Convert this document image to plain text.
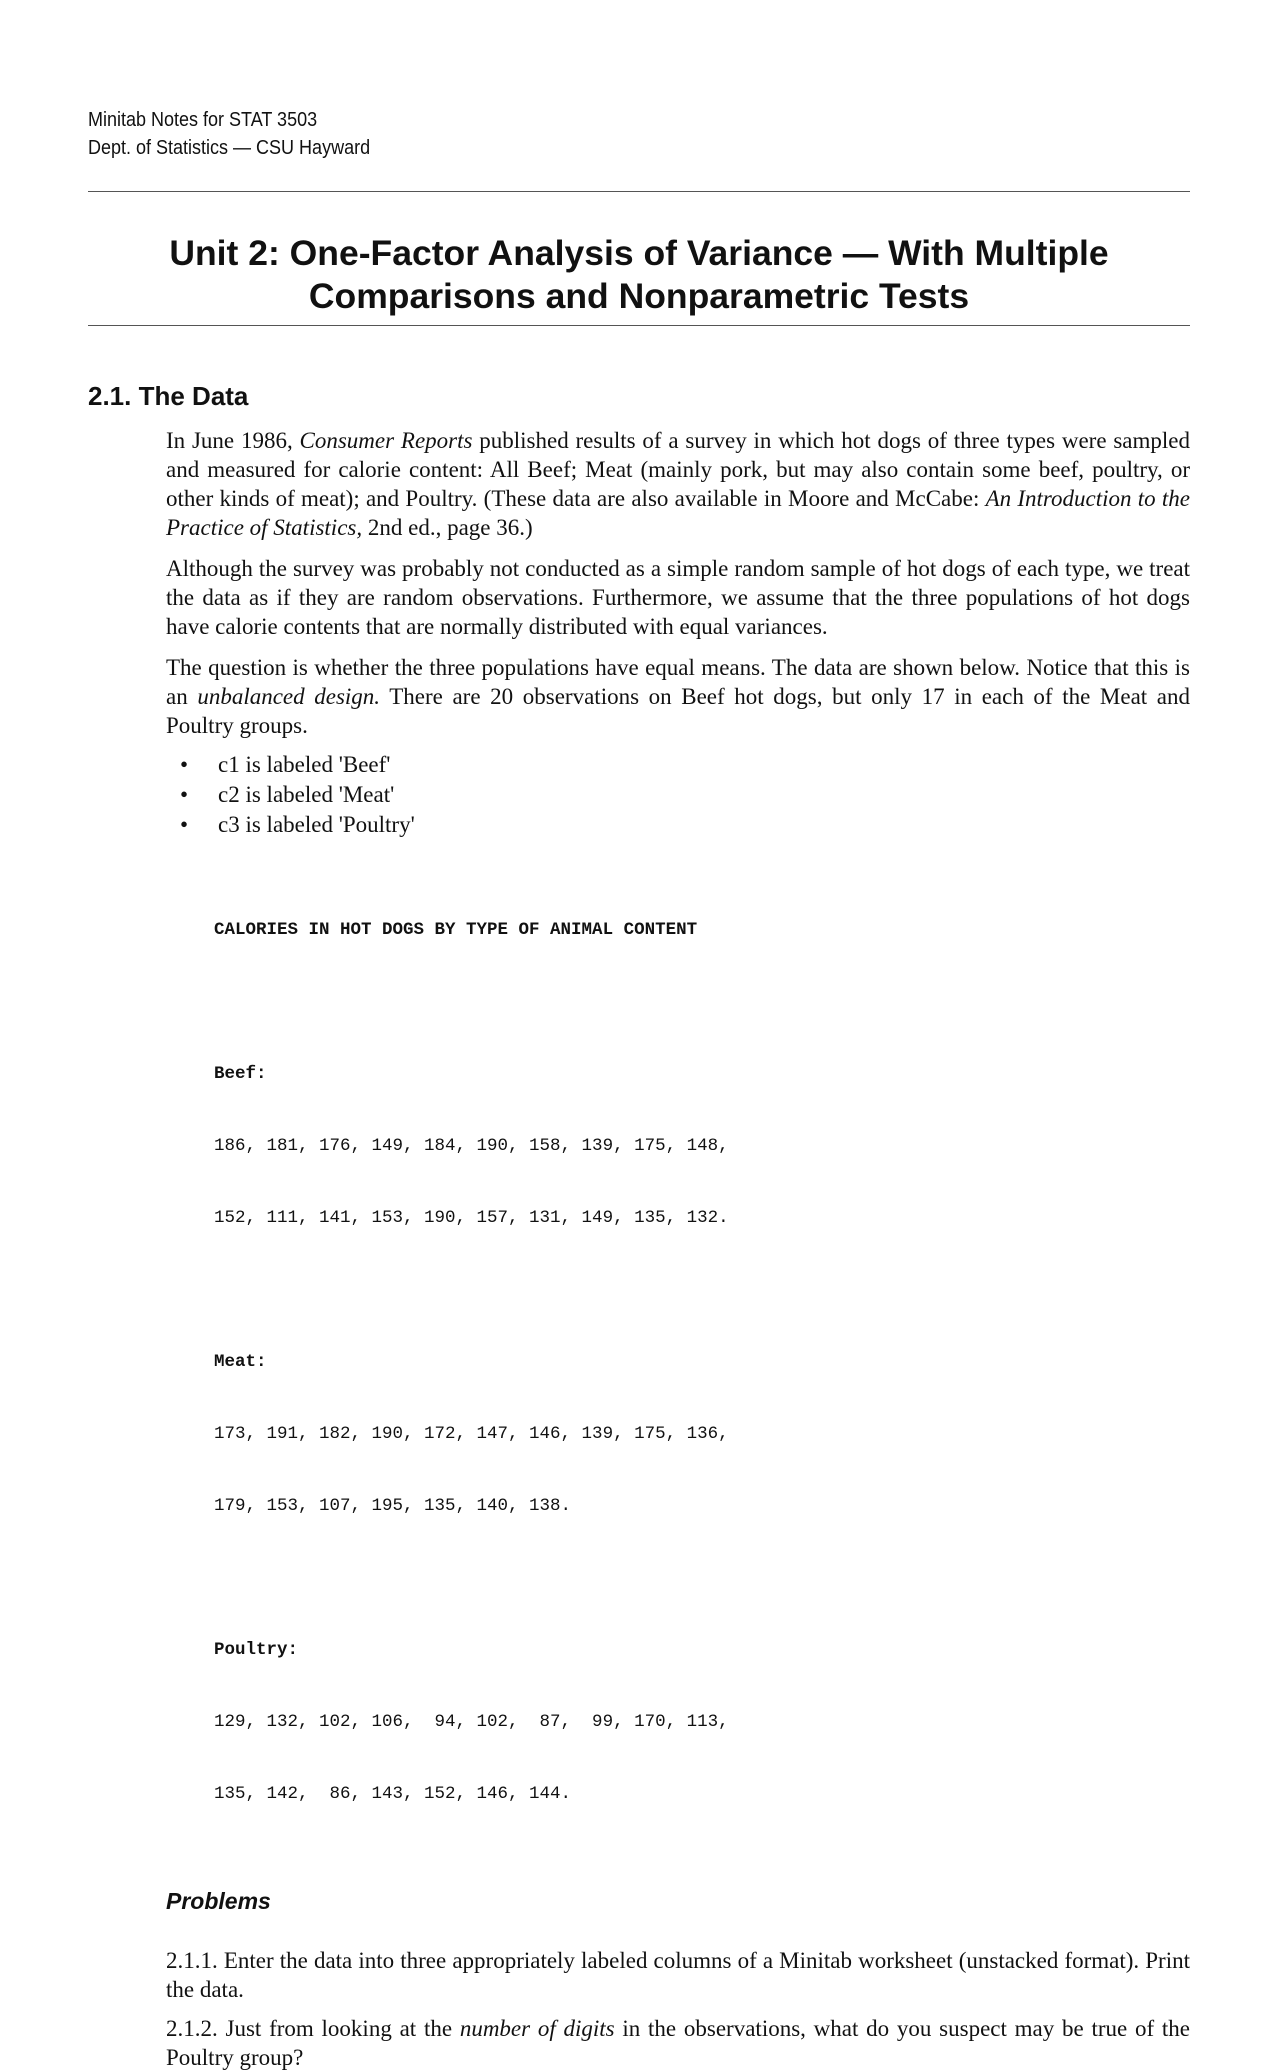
Minitab Notes for STAT 3503
Dept. of Statistics — CSU Hayward
Unit 2: One-Factor Analysis of Variance — With Multiple
Comparisons and Nonparametric Tests
2.1. The Data

In June 1986, Consumer Reports published results of a survey in which hot dogs of three types were sampled and measured for calorie content: All Beef; Meat (mainly pork, but may also contain some beef, poultry, or other kinds of meat); and Poultry. (These data are also available in Moore and McCabe: An Introduction to the Practice of Statistics, 2nd ed., page 36.)

Although the survey was probably not conducted as a simple random sample of hot dogs of each type, we treat the data as if they are random observations. Furthermore, we assume that the three populations of hot dogs have calorie contents that are normally distributed with equal variances.

The question is whether the three populations have equal means. The data are shown below. Notice that this is an unbalanced design. There are 20 observations on Beef hot dogs, but only 17 in each of the Meat and Poultry groups.

• c1 is labeled 'Beef'
• c2 is labeled 'Meat'
• c3 is labeled 'Poultry'

CALORIES IN HOT DOGS BY TYPE OF ANIMAL CONTENT

Beef:

186, 181, 176, 149, 184, 190, 158, 139, 175, 148,

152, 111, 141, 153, 190, 157, 131, 149, 135, 132.

Meat:

173, 191, 182, 190, 172, 147, 146, 139, 175, 136,

179, 153, 107, 195, 135, 140, 138.

Poultry:

129, 132, 102, 106,  94, 102,  87,  99, 170, 113,

135, 142,  86, 143, 152, 146, 144.

Problems

2.1.1. Enter the data into three appropriately labeled columns of a Minitab worksheet (unstacked format). Print the data.

2.1.2. Just from looking at the number of digits in the observations, what do you suspect may be true of the Poultry group?
